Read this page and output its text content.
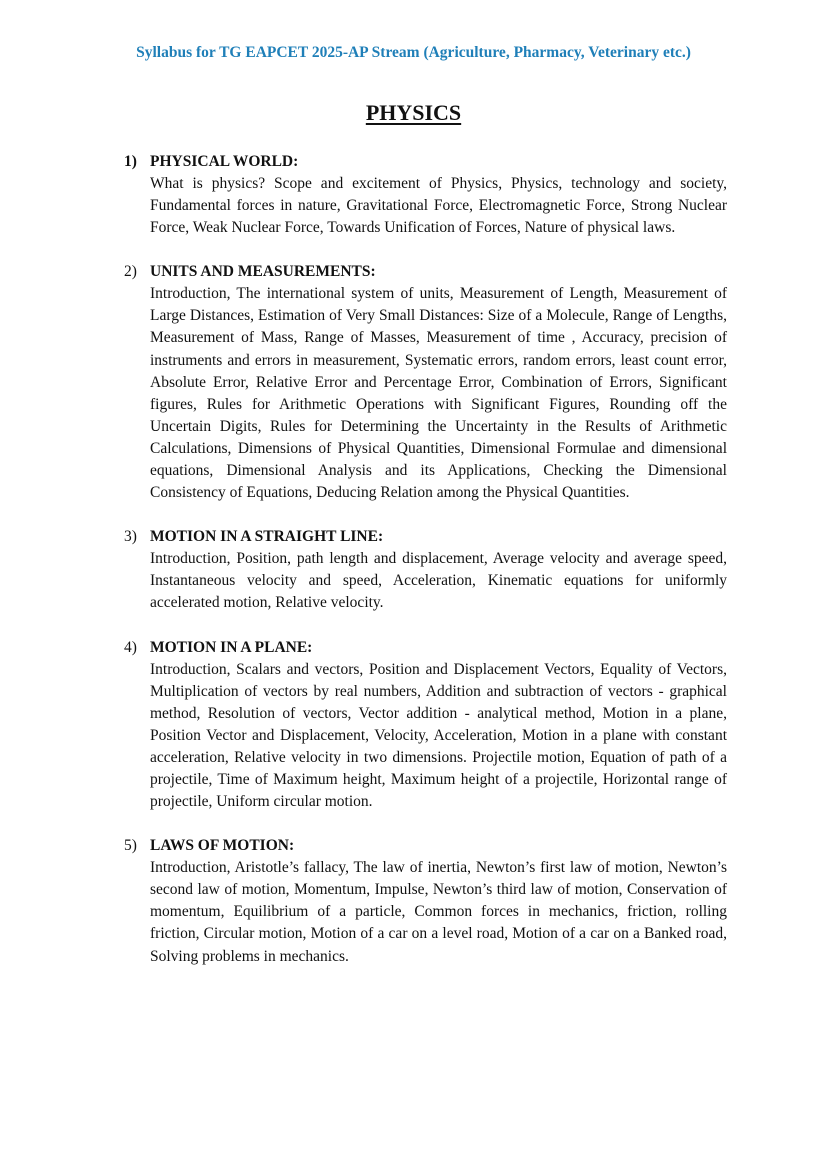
Syllabus for TG EAPCET 2025-AP Stream (Agriculture, Pharmacy, Veterinary etc.)
PHYSICS
1) PHYSICAL WORLD:
What is physics? Scope and excitement of Physics, Physics, technology and society, Fundamental forces in nature, Gravitational Force, Electromagnetic Force, Strong Nuclear Force, Weak Nuclear Force, Towards Unification of Forces, Nature of physical laws.
2) UNITS AND MEASUREMENTS:
Introduction, The international system of units, Measurement of Length, Measurement of Large Distances, Estimation of Very Small Distances: Size of a Molecule, Range of Lengths, Measurement of Mass, Range of Masses, Measurement of time , Accuracy, precision of instruments and errors in measurement, Systematic errors, random errors, least count error, Absolute Error, Relative Error and Percentage Error, Combination of Errors, Significant figures, Rules for Arithmetic Operations with Significant Figures, Rounding off the Uncertain Digits, Rules for Determining the Uncertainty in the Results of Arithmetic Calculations, Dimensions of Physical Quantities, Dimensional Formulae and dimensional equations, Dimensional Analysis and its Applications, Checking the Dimensional Consistency of Equations, Deducing Relation among the Physical Quantities.
3) MOTION IN A STRAIGHT LINE:
Introduction, Position, path length and displacement, Average velocity and average speed, Instantaneous velocity and speed, Acceleration, Kinematic equations for uniformly accelerated motion, Relative velocity.
4) MOTION IN A PLANE:
Introduction, Scalars and vectors, Position and Displacement Vectors, Equality of Vectors, Multiplication of vectors by real numbers, Addition and subtraction of vectors - graphical method, Resolution of vectors, Vector addition - analytical method, Motion in a plane, Position Vector and Displacement, Velocity, Acceleration, Motion in a plane with constant acceleration, Relative velocity in two dimensions. Projectile motion, Equation of path of a projectile, Time of Maximum height, Maximum height of a projectile, Horizontal range of projectile, Uniform circular motion.
5) LAWS OF MOTION:
Introduction, Aristotle’s fallacy, The law of inertia, Newton’s first law of motion, Newton’s second law of motion, Momentum, Impulse, Newton’s third law of motion, Conservation of momentum, Equilibrium of a particle, Common forces in mechanics, friction, rolling friction, Circular motion, Motion of a car on a level road, Motion of a car on a Banked road, Solving problems in mechanics.
